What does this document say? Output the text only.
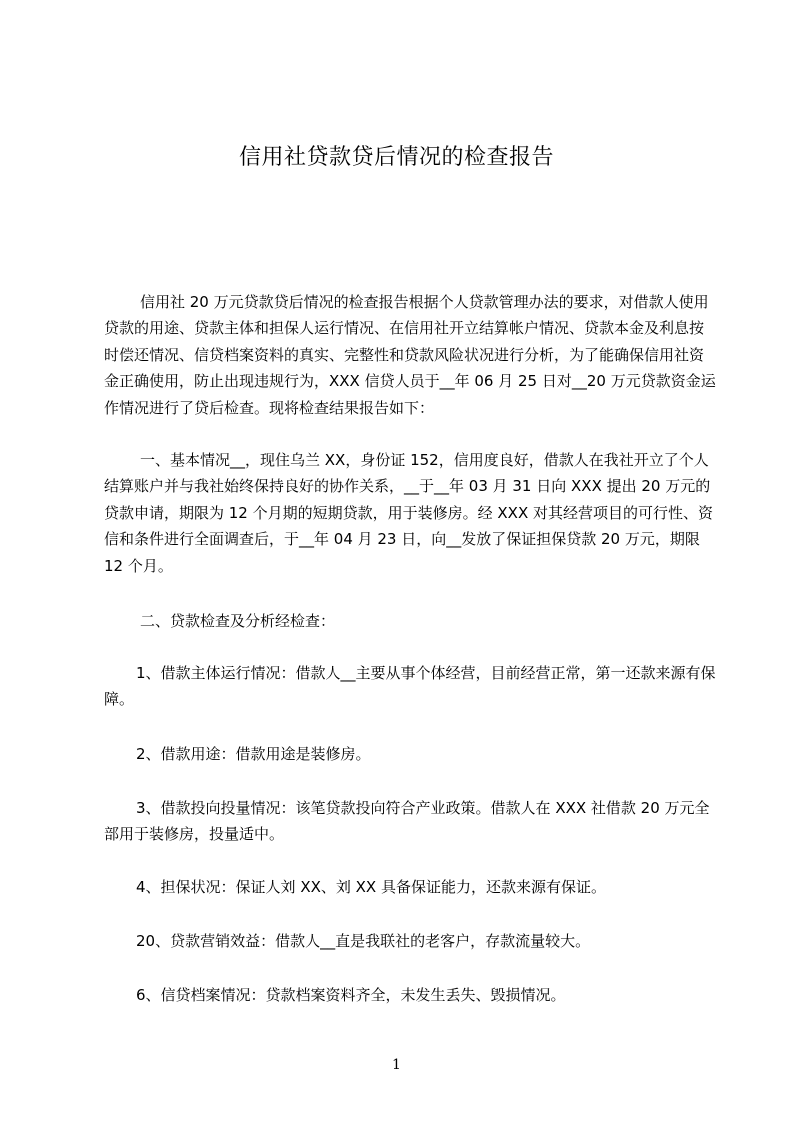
信用社贷款贷后情况的检查报告

信用社 20 万元贷款贷后情况的检查报告根据个人贷款管理办法的要求，对借款人使用贷款的用途、贷款主体和担保人运行情况、在信用社开立结算帐户情况、贷款本金及利息按时偿还情况、信贷档案资料的真实、完整性和贷款风险状况进行分析，为了能确保信用社资金正确使用，防止出现违规行为，XXX 信贷人员于__年 06 月 25 日对__20 万元贷款资金运作情况进行了贷后检查。现将检查结果报告如下：

一、基本情况__，现住乌兰 XX，身份证 152，信用度良好，借款人在我社开立了个人结算账户并与我社始终保持良好的协作关系，__于__年 03 月 31 日向 XXX 提出 20 万元的贷款申请，期限为 12 个月期的短期贷款，用于装修房。经 XXX 对其经营项目的可行性、资信和条件进行全面调查后，于__年 04 月 23 日，向__发放了保证担保贷款 20 万元，期限 12 个月。

二、贷款检查及分析经检查：

1、借款主体运行情况：借款人__主要从事个体经营，目前经营正常，第一还款来源有保障。

2、借款用途：借款用途是装修房。

3、借款投向投量情况：该笔贷款投向符合产业政策。借款人在 XXX 社借款 20 万元全部用于装修房，投量适中。

4、担保状况：保证人刘 XX、刘 XX 具备保证能力，还款来源有保证。

20、贷款营销效益：借款人__直是我联社的老客户，存款流量较大。

6、信贷档案情况：贷款档案资料齐全，未发生丢失、毁损情况。

1
